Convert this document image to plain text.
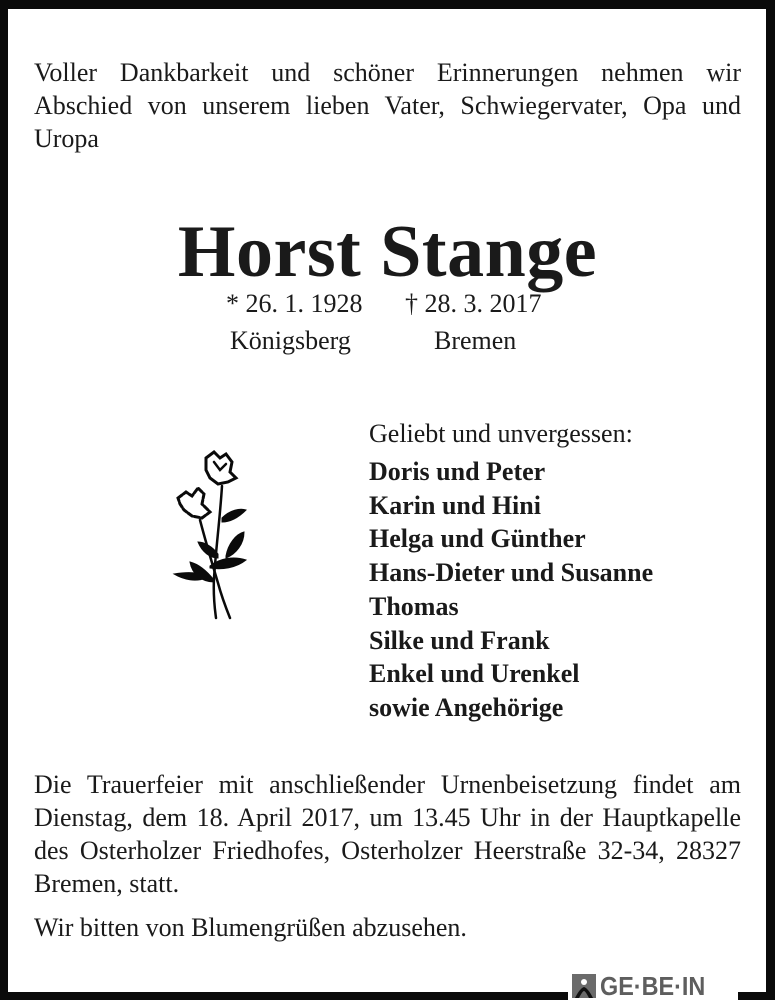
Voller Dankbarkeit und schöner Erinnerungen nehmen wir Abschied von unserem lieben Vater, Schwiegervater, Opa und Uropa
Horst Stange
* 26. 1. 1928 † 28. 3. 2017
Königsberg	Bremen
Geliebt und unvergessen:
Doris und Peter
Karin und Hini
Helga und Günther
Hans-Dieter und Susanne
Thomas
Silke und Frank
Enkel und Urenkel
sowie Angehörige
Die Trauerfeier mit anschließender Urnenbeisetzung findet am Dienstag, dem 18. April 2017, um 13.45 Uhr in der Hauptkapelle des Osterholzer Friedhofes, Osterholzer Heerstraße 32-34, 28327 Bremen, statt.
Wir bitten von Blumengrüßen abzusehen.
GE·BE·IN
